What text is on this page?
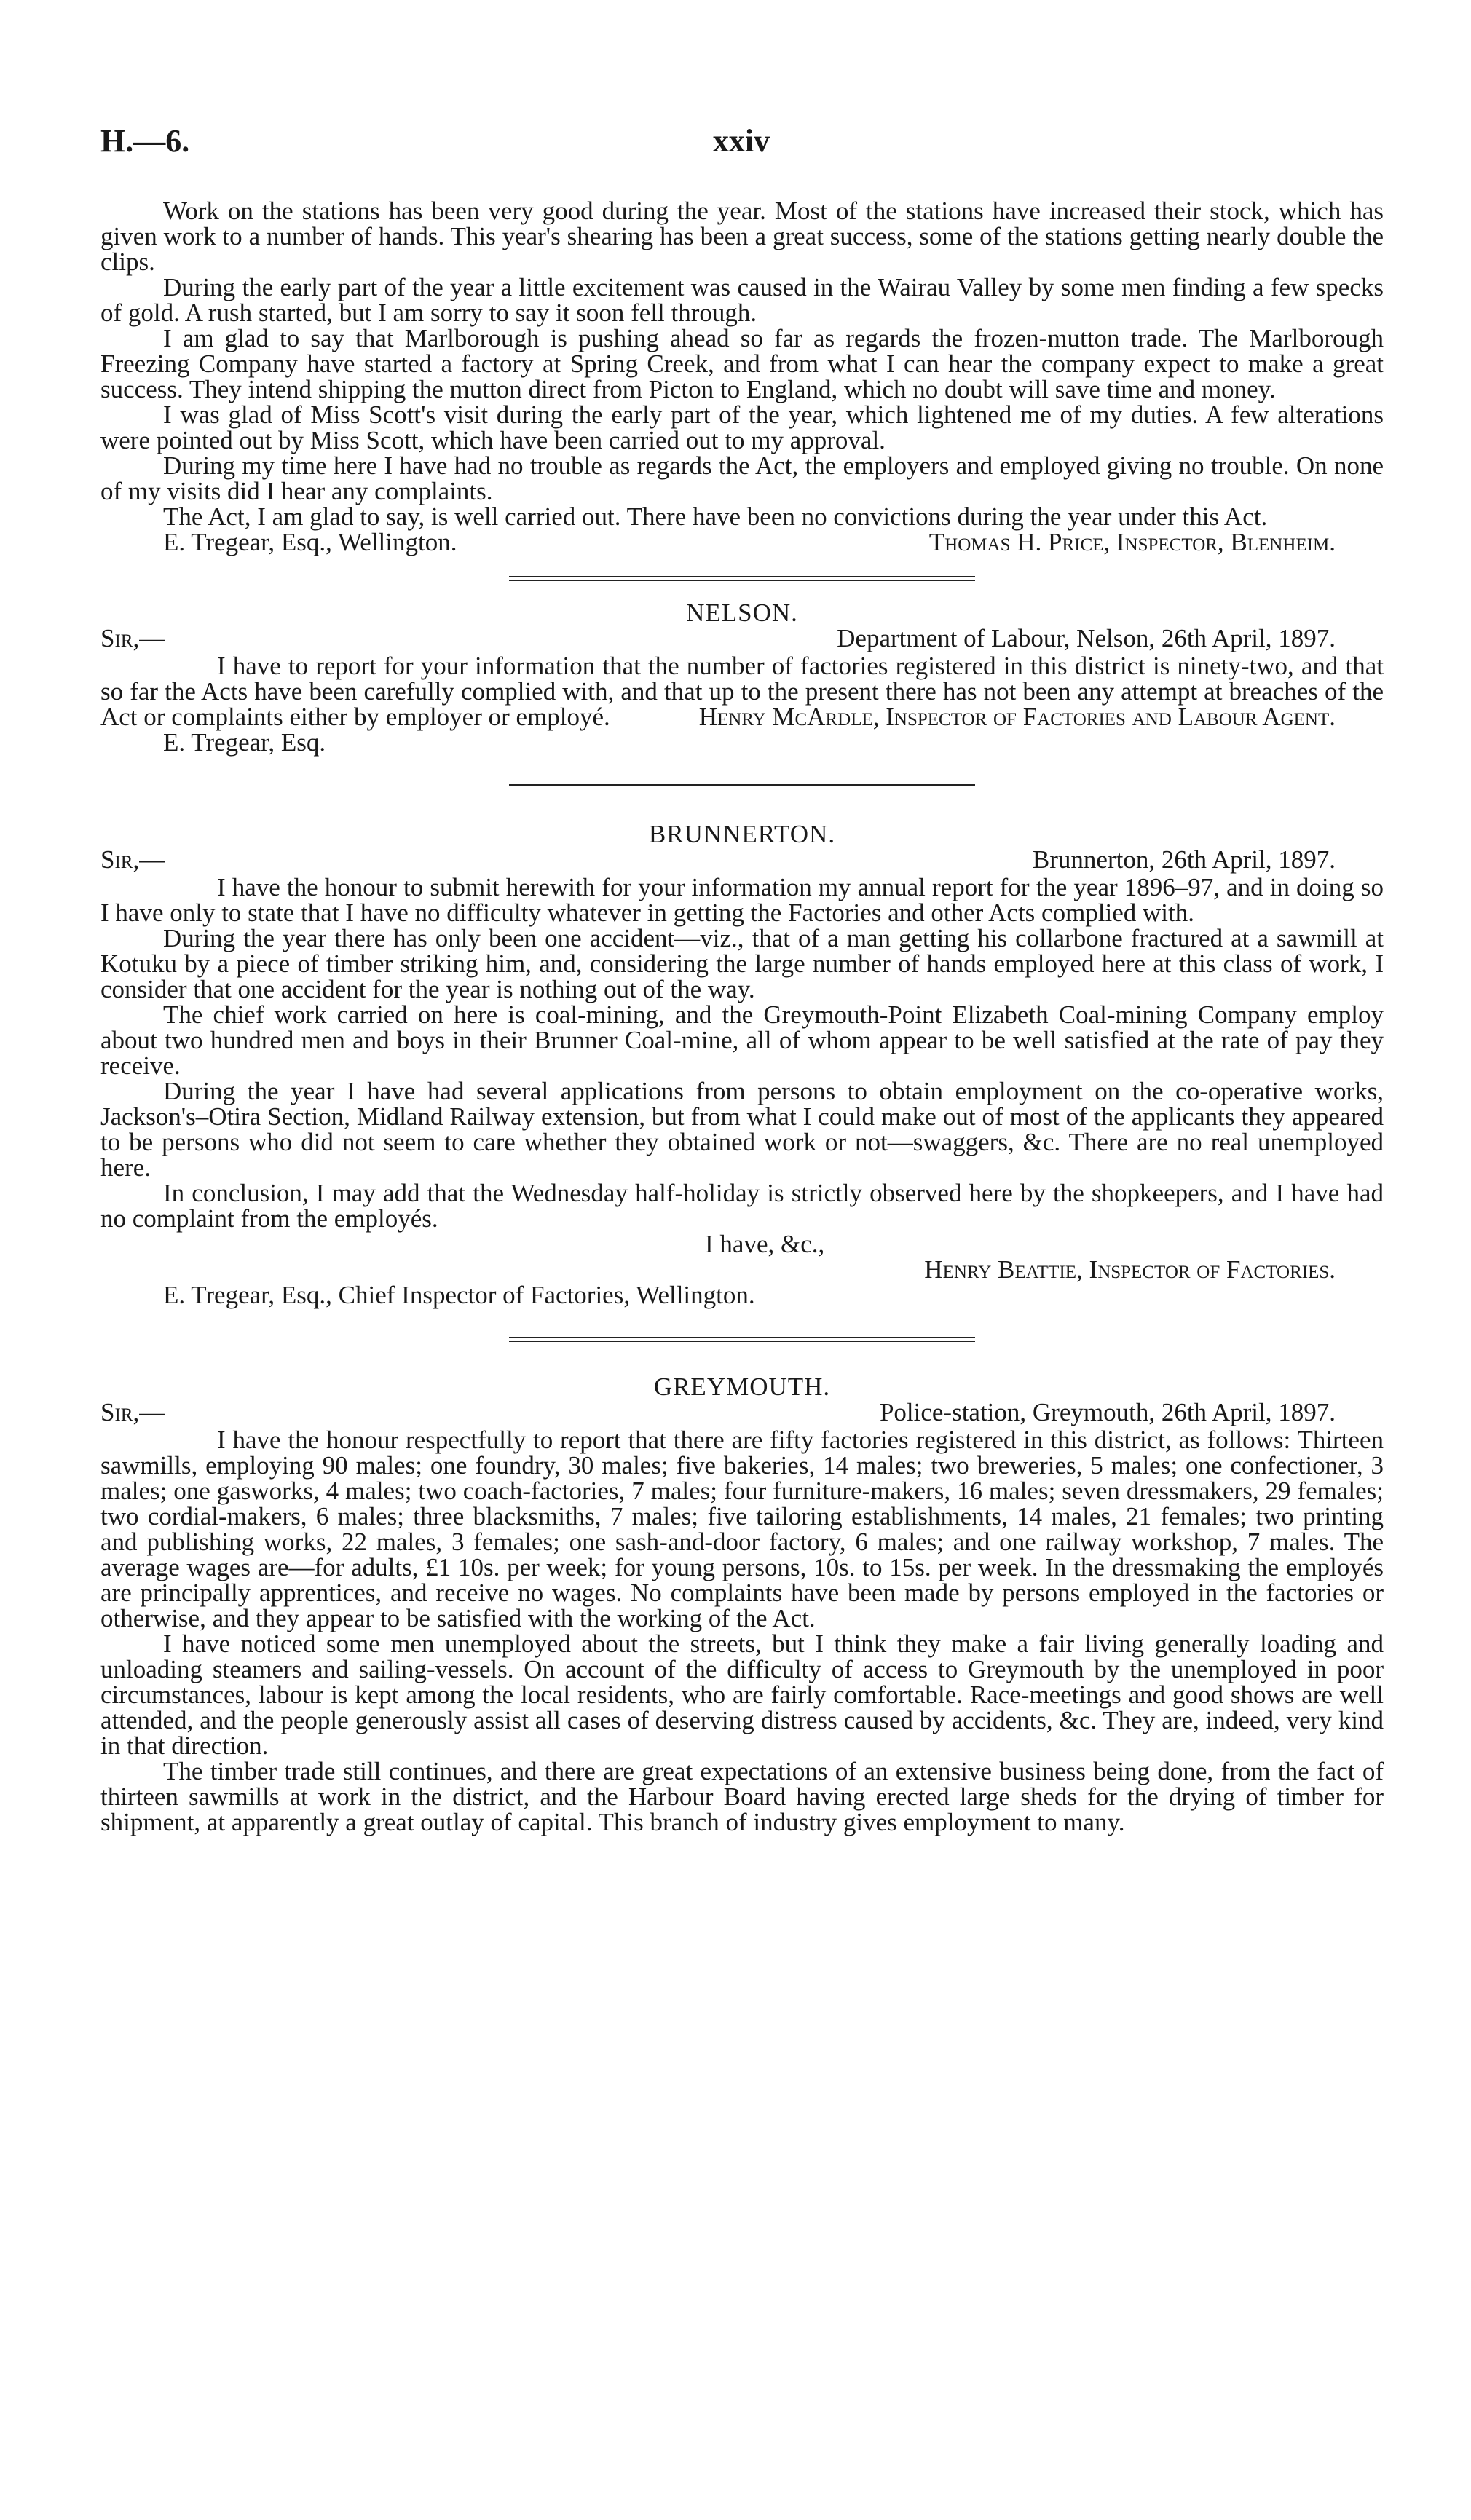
H.—6.	xxiv

Work on the stations has been very good during the year. Most of the stations have increased their stock, which has given work to a number of hands. This year's shearing has been a great success, some of the stations getting nearly double the clips.

During the early part of the year a little excitement was caused in the Wairau Valley by some men finding a few specks of gold. A rush started, but I am sorry to say it soon fell through.

I am glad to say that Marlborough is pushing ahead so far as regards the frozen-mutton trade. The Marlborough Freezing Company have started a factory at Spring Creek, and from what I can hear the company expect to make a great success. They intend shipping the mutton direct from Picton to England, which no doubt will save time and money.

I was glad of Miss Scott's visit during the early part of the year, which lightened me of my duties. A few alterations were pointed out by Miss Scott, which have been carried out to my approval.

During my time here I have had no trouble as regards the Act, the employers and employed giving no trouble. On none of my visits did I hear any complaints.

The Act, I am glad to say, is well carried out. There have been no convictions during the year under this Act.

E. Tregear, Esq., Wellington.	Thomas H. Price, Inspector, Blenheim.

NELSON.

Sir,—	Department of Labour, Nelson, 26th April, 1897.

I have to report for your information that the number of factories registered in this district is ninety-two, and that so far the Acts have been carefully complied with, and that up to the present there has not been any attempt at breaches of the Act or complaints either by employer or employé.	Henry McArdle, Inspector of Factories and Labour Agent.

E. Tregear, Esq.

BRUNNERTON.

Sir,—	Brunnerton, 26th April, 1897.

I have the honour to submit herewith for your information my annual report for the year 1896–97, and in doing so I have only to state that I have no difficulty whatever in getting the Factories and other Acts complied with.

During the year there has only been one accident—viz., that of a man getting his collarbone fractured at a sawmill at Kotuku by a piece of timber striking him, and, considering the large number of hands employed here at this class of work, I consider that one accident for the year is nothing out of the way.

The chief work carried on here is coal-mining, and the Greymouth-Point Elizabeth Coal-mining Company employ about two hundred men and boys in their Brunner Coal-mine, all of whom appear to be well satisfied at the rate of pay they receive.

During the year I have had several applications from persons to obtain employment on the co-operative works, Jackson's–Otira Section, Midland Railway extension, but from what I could make out of most of the applicants they appeared to be persons who did not seem to care whether they obtained work or not—swaggers, &c. There are no real unemployed here.

In conclusion, I may add that the Wednesday half-holiday is strictly observed here by the shopkeepers, and I have had no complaint from the employés.

I have, &c.,

Henry Beattie, Inspector of Factories.

E. Tregear, Esq., Chief Inspector of Factories, Wellington.

GREYMOUTH.

Sir,—	Police-station, Greymouth, 26th April, 1897.

I have the honour respectfully to report that there are fifty factories registered in this district, as follows: Thirteen sawmills, employing 90 males; one foundry, 30 males; five bakeries, 14 males; two breweries, 5 males; one confectioner, 3 males; one gasworks, 4 males; two coach-factories, 7 males; four furniture-makers, 16 males; seven dressmakers, 29 females; two cordial-makers, 6 males; three blacksmiths, 7 males; five tailoring establishments, 14 males, 21 females; two printing and publishing works, 22 males, 3 females; one sash-and-door factory, 6 males; and one railway workshop, 7 males. The average wages are—for adults, £1 10s. per week; for young persons, 10s. to 15s. per week. In the dressmaking the employés are principally apprentices, and receive no wages. No complaints have been made by persons employed in the factories or otherwise, and they appear to be satisfied with the working of the Act.

I have noticed some men unemployed about the streets, but I think they make a fair living generally loading and unloading steamers and sailing-vessels. On account of the difficulty of access to Greymouth by the unemployed in poor circumstances, labour is kept among the local residents, who are fairly comfortable. Race-meetings and good shows are well attended, and the people generously assist all cases of deserving distress caused by accidents, &c. They are, indeed, very kind in that direction.

The timber trade still continues, and there are great expectations of an extensive business being done, from the fact of thirteen sawmills at work in the district, and the Harbour Board having erected large sheds for the drying of timber for shipment, at apparently a great outlay of capital. This branch of industry gives employment to many.
